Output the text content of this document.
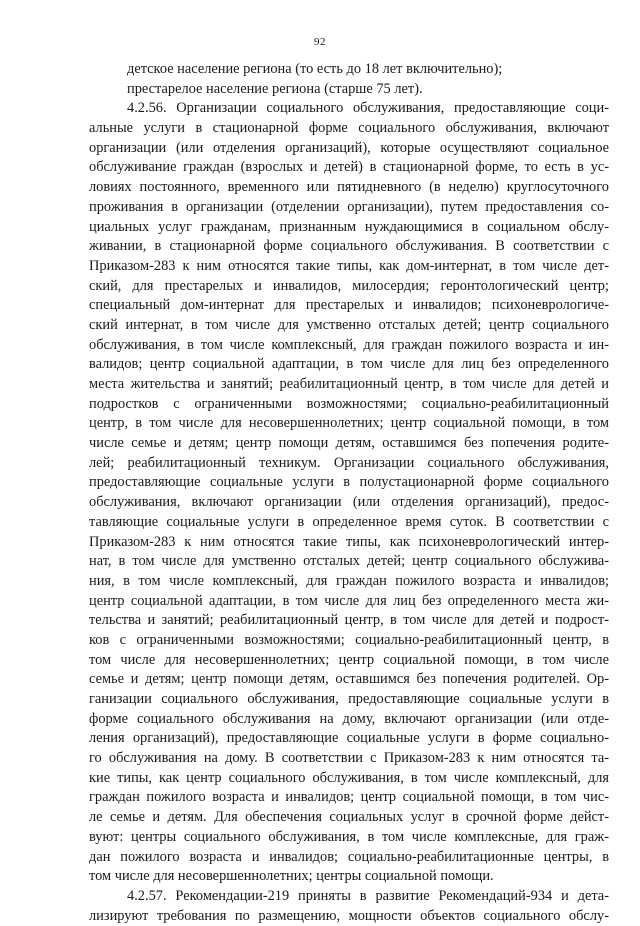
92
детское население региона (то есть до 18 лет включительно);
престарелое население региона (старше 75 лет).
4.2.56. Организации социального обслуживания, предоставляющие соци-
альные услуги в стационарной форме социального обслуживания, включают
организации (или отделения организаций), которые осуществляют социальное
обслуживание граждан (взрослых и детей) в стационарной форме, то есть в ус-
ловиях постоянного, временного или пятидневного (в неделю) круглосуточного
проживания в организации (отделении организации), путем предоставления со-
циальных услуг гражданам, признанным нуждающимися в социальном обслу-
живании, в стационарной форме социального обслуживания. В соответствии с
Приказом-283 к ним относятся такие типы, как дом-интернат, в том числе дет-
ский, для престарелых и инвалидов, милосердия; геронтологический центр;
специальный дом-интернат для престарелых и инвалидов; психоневрологиче-
ский интернат, в том числе для умственно отсталых детей; центр социального
обслуживания, в том числе комплексный, для граждан пожилого возраста и ин-
валидов; центр социальной адаптации, в том числе для лиц без определенного
места жительства и занятий; реабилитационный центр, в том числе для детей и
подростков с ограниченными возможностями; социально-реабилитационный
центр, в том числе для несовершеннолетних; центр социальной помощи, в том
числе семье и детям; центр помощи детям, оставшимся без попечения родите-
лей; реабилитационный техникум. Организации социального обслуживания,
предоставляющие социальные услуги в полустационарной форме социального
обслуживания, включают организации (или отделения организаций), предос-
тавляющие социальные услуги в определенное время суток. В соответствии с
Приказом-283 к ним относятся такие типы, как психоневрологический интер-
нат, в том числе для умственно отсталых детей; центр социального обслужива-
ния, в том числе комплексный, для граждан пожилого возраста и инвалидов;
центр социальной адаптации, в том числе для лиц без определенного места жи-
тельства и занятий; реабилитационный центр, в том числе для детей и подрост-
ков с ограниченными возможностями; социально-реабилитационный центр, в
том числе для несовершеннолетних; центр социальной помощи, в том числе
семье и детям; центр помощи детям, оставшимся без попечения родителей. Ор-
ганизации социального обслуживания, предоставляющие социальные услуги в
форме социального обслуживания на дому, включают организации (или отде-
ления организаций), предоставляющие социальные услуги в форме социально-
го обслуживания на дому. В соответствии с Приказом-283 к ним относятся та-
кие типы, как центр социального обслуживания, в том числе комплексный, для
граждан пожилого возраста и инвалидов; центр социальной помощи, в том чис-
ле семье и детям. Для обеспечения социальных услуг в срочной форме дейст-
вуют: центры социального обслуживания, в том числе комплексные, для граж-
дан пожилого возраста и инвалидов; социально-реабилитационные центры, в
том числе для несовершеннолетних; центры социальной помощи.
4.2.57. Рекомендации-219 приняты в развитие Рекомендаций-934 и дета-
лизируют требования по размещению, мощности объектов социального обслу-
